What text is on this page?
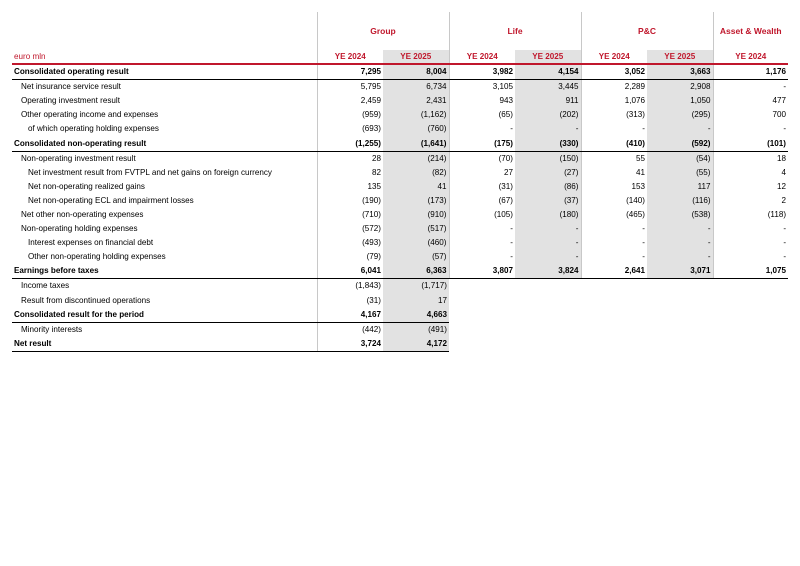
	Group		Life		P&C		Asset & Wealth
euro mln	YE 2024	YE 2025	YE 2024	YE 2025	YE 2024	YE 2025	YE 2024
Consolidated operating result	7,295	8,004	3,982	4,154	3,052	3,663	1,176
Net insurance service result	5,795	6,734	3,105	3,445	2,289	2,908	-
Operating investment result	2,459	2,431	943	911	1,076	1,050	477
Other operating income and expenses	(959)	(1,162)	(65)	(202)	(313)	(295)	700
of which operating holding expenses	(693)	(760)	-	-	-	-	-
Consolidated non-operating result	(1,255)	(1,641)	(175)	(330)	(410)	(592)	(101)
Non-operating investment result	28	(214)	(70)	(150)	55	(54)	18
Net investment result from FVTPL and net gains on foreign currency	82	(82)	27	(27)	41	(55)	4
Net non-operating realized gains	135	41	(31)	(86)	153	117	12
Net non-operating ECL and impairment losses	(190)	(173)	(67)	(37)	(140)	(116)	2
Net other non-operating expenses	(710)	(910)	(105)	(180)	(465)	(538)	(118)
Non-operating holding expenses	(572)	(517)	-	-	-	-	-
Interest expenses on financial debt	(493)	(460)	-	-	-	-	-
Other non-operating holding expenses	(79)	(57)	-	-	-	-	-
Earnings before taxes	6,041	6,363	3,807	3,824	2,641	3,071	1,075
Income taxes	(1,843)	(1,717)					
Result from discontinued operations	(31)	17					
Consolidated result for the period	4,167	4,663					
Minority interests	(442)	(491)					
Net result	3,724	4,172					
